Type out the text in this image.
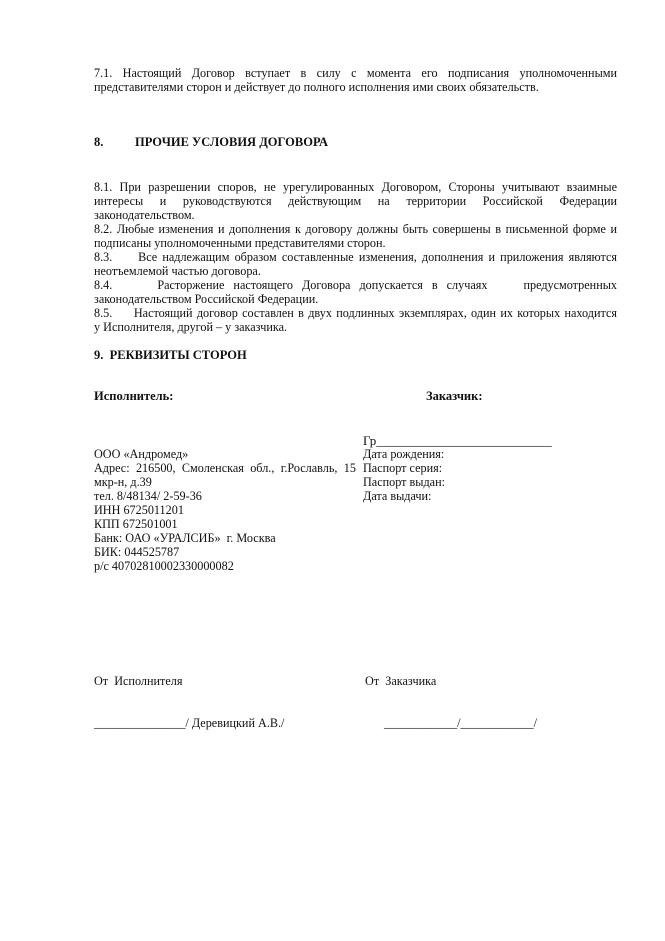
7.1. Настоящий Договор вступает в силу с момента его подписания уполномоченными
представителями сторон и действует до полного исполнения ими своих обязательств.
8.	ПРОЧИЕ УСЛОВИЯ ДОГОВОРА
8.1. При разрешении споров, не урегулированных Договором, Стороны учитывают взаимные
интересы и руководствуются действующим на территории Российской Федерации
законодательством.
8.2. Любые изменения и дополнения к договору должны быть совершены в письменной форме и
подписаны уполномоченными представителями сторон.
8.3.     Все надлежащим образом составленные изменения, дополнения и приложения являются
неотъемлемой частью договора.
8.4.     Расторжение настоящего Договора допускается в случаях    предусмотренных
законодательством Российской Федерации.
8.5.     Настоящий договор составлен в двух подлинных экземплярах, один их которых находится
у Исполнителя, другой – у заказчика.
9.  РЕКВИЗИТЫ СТОРОН
Исполнитель:	Заказчик:
Гр___________________________
ООО «Андромед»
Адрес: 216500, Смоленская обл., г.Рославль, 15
мкр-н, д.39
тел. 8/48134/ 2-59-36
ИНН 6725011201
КПП 672501001
Банк: ОАО «УРАЛСИБ»  г. Москва
БИК: 044525787
р/с 40702810002330000082
Дата рождения:
Паспорт серия:
Паспорт выдан:
Дата выдачи:
От  Исполнителя	От  Заказчика
_______________/ Деревицкий А.В./	____________/____________/
